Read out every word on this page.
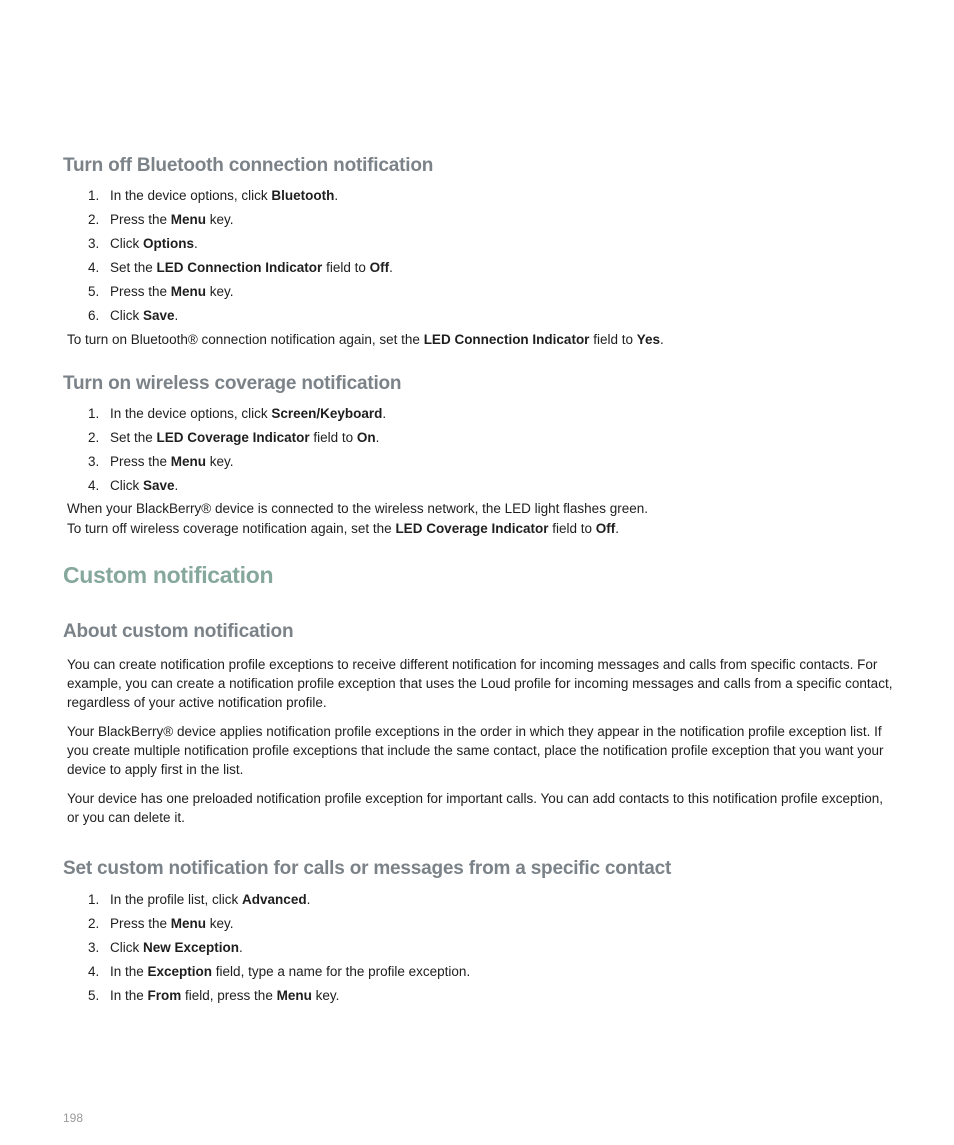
Turn off Bluetooth connection notification
1. In the device options, click Bluetooth.
2. Press the Menu key.
3. Click Options.
4. Set the LED Connection Indicator field to Off.
5. Press the Menu key.
6. Click Save.

To turn on Bluetooth® connection notification again, set the LED Connection Indicator field to Yes.

Turn on wireless coverage notification
1. In the device options, click Screen/Keyboard.
2. Set the LED Coverage Indicator field to On.
3. Press the Menu key.
4. Click Save.

When your BlackBerry® device is connected to the wireless network, the LED light flashes green.

To turn off wireless coverage notification again, set the LED Coverage Indicator field to Off.

Custom notification
About custom notification

You can create notification profile exceptions to receive different notification for incoming messages and calls from specific contacts. For example, you can create a notification profile exception that uses the Loud profile for incoming messages and calls from a specific contact, regardless of your active notification profile.

Your BlackBerry® device applies notification profile exceptions in the order in which they appear in the notification profile exception list. If you create multiple notification profile exceptions that include the same contact, place the notification profile exception that you want your device to apply first in the list.

Your device has one preloaded notification profile exception for important calls. You can add contacts to this notification profile exception, or you can delete it.

Set custom notification for calls or messages from a specific contact
1. In the profile list, click Advanced.
2. Press the Menu key.
3. Click New Exception.
4. In the Exception field, type a name for the profile exception.
5. In the From field, press the Menu key.
198
